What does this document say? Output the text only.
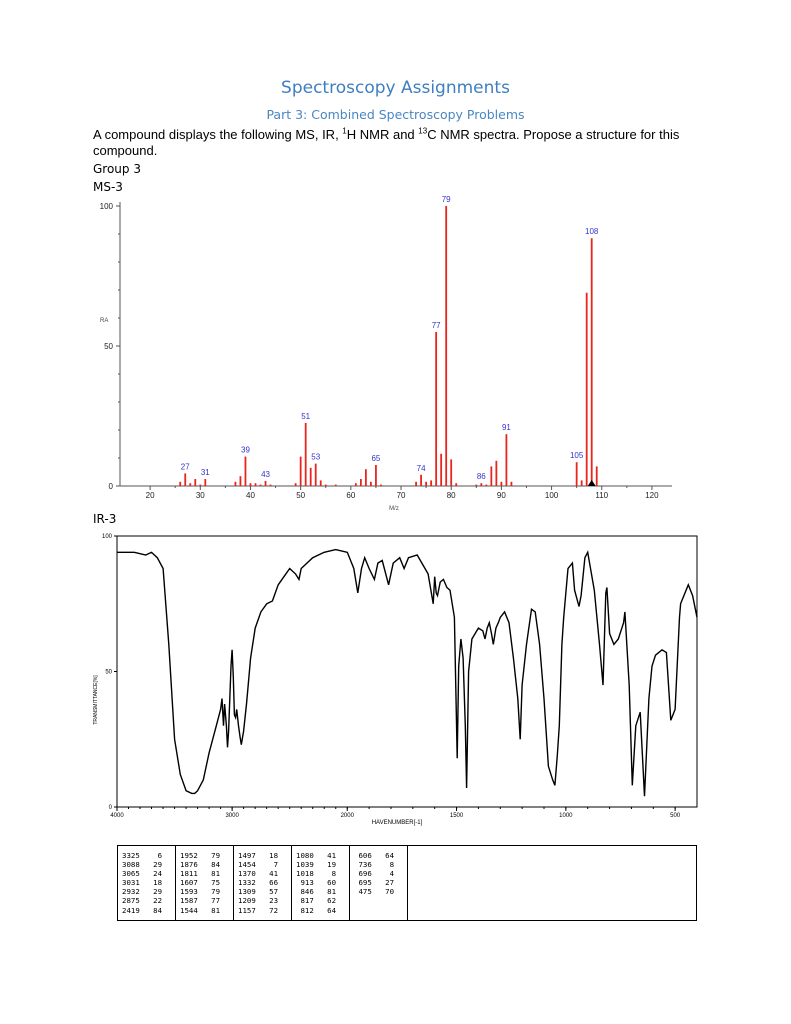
Spectroscopy Assignments
Part 3: Combined Spectroscopy Problems
A compound displays the following MS, IR, $^1$H NMR and $^{13}$C NMR spectra. Propose a structure for this compound.
Group 3
MS-3
IR-3
20	30	40	50	60	70	80	90	100	110	120
0
50
100
27
31
39
43
51
53	65
74
77
79
86
91
105
108
RA
M/z
4000	3000	2000	1500	1000	500
0
50
100
HAVENUMBER[-1]
TRANSMITTANCE[%]
3325    6
3088   29
3065   24
3031   18
2932   29
2875   22
2419   84
1952   79
1876   84
1811   81
1607   75
1593   79
1587   77
1544   81
1497   18
1454    7
1370   41
1332   66
1309   57
1209   23
1157   72
1080   41
1039   19
1018    8
913   60
846   81
817   62
812   64
606   64
736    8
696    4
695   27
475   70
